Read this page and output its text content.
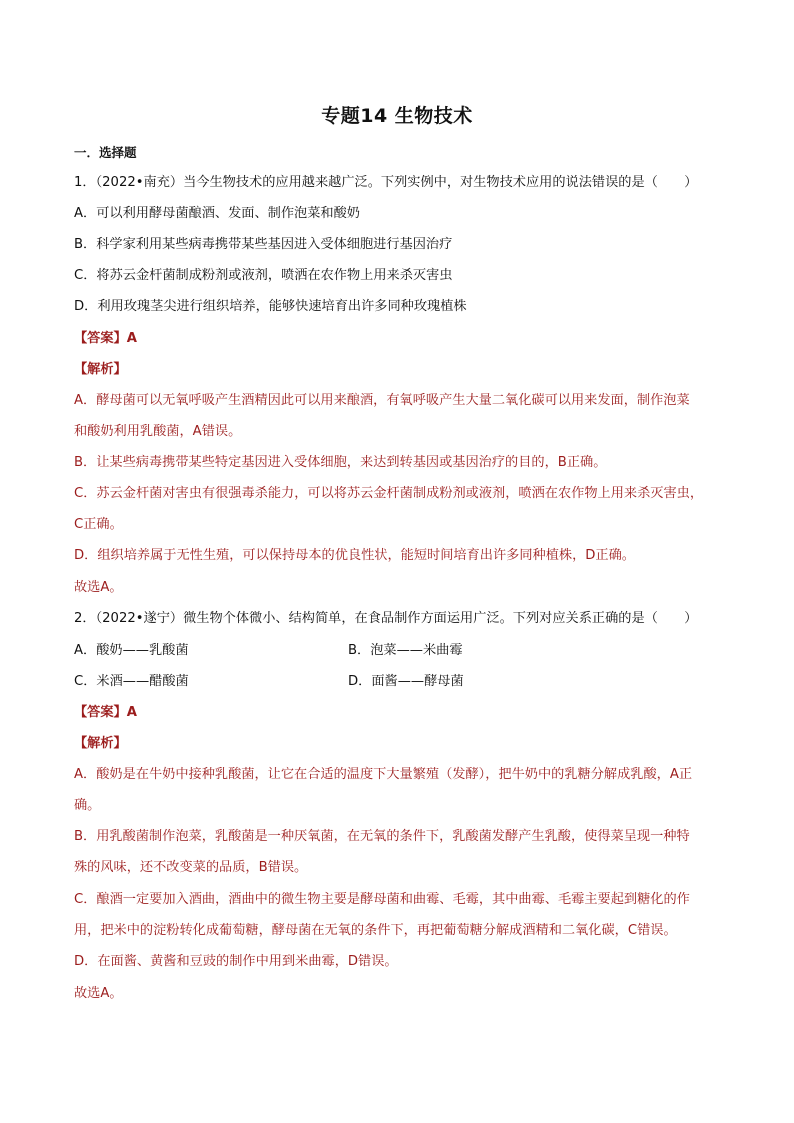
专题14 生物技术
一．选择题
1．（2022•南充）当今生物技术的应用越来越广泛。下列实例中，对生物技术应用的说法错误的是（　　）
A．可以利用酵母菌酿酒、发面、制作泡菜和酸奶
B．科学家利用某些病毒携带某些基因进入受体细胞进行基因治疗
C．将苏云金杆菌制成粉剂或液剂，喷洒在农作物上用来杀灭害虫
D．利用玫瑰茎尖进行组织培养，能够快速培育出许多同种玫瑰植株
【答案】A
【解析】
A．酵母菌可以无氧呼吸产生酒精因此可以用来酿酒，有氧呼吸产生大量二氧化碳可以用来发面，制作泡菜
和酸奶利用乳酸菌，A错误。
B．让某些病毒携带某些特定基因进入受体细胞，来达到转基因或基因治疗的目的，B正确。
C．苏云金杆菌对害虫有很强毒杀能力，可以将苏云金杆菌制成粉剂或液剂，喷洒在农作物上用来杀灭害虫，
C正确。
D．组织培养属于无性生殖，可以保持母本的优良性状，能短时间培育出许多同种植株，D正确。
故选A。
2．（2022•遂宁）微生物个体微小、结构简单，在食品制作方面运用广泛。下列对应关系正确的是（　　）
A．酸奶——乳酸菌	B．泡菜——米曲霉
C．米酒——醋酸菌	D．面酱——酵母菌
【答案】A
【解析】
A．酸奶是在牛奶中接种乳酸菌，让它在合适的温度下大量繁殖（发酵），把牛奶中的乳糖分解成乳酸，A正
确。
B．用乳酸菌制作泡菜，乳酸菌是一种厌氧菌，在无氧的条件下，乳酸菌发酵产生乳酸，使得菜呈现一种特
殊的风味，还不改变菜的品质，B错误。
C．酿酒一定要加入酒曲，酒曲中的微生物主要是酵母菌和曲霉、毛霉，其中曲霉、毛霉主要起到糖化的作
用，把米中的淀粉转化成葡萄糖，酵母菌在无氧的条件下，再把葡萄糖分解成酒精和二氧化碳，C错误。
D．在面酱、黄酱和豆豉的制作中用到米曲霉，D错误。
故选A。
